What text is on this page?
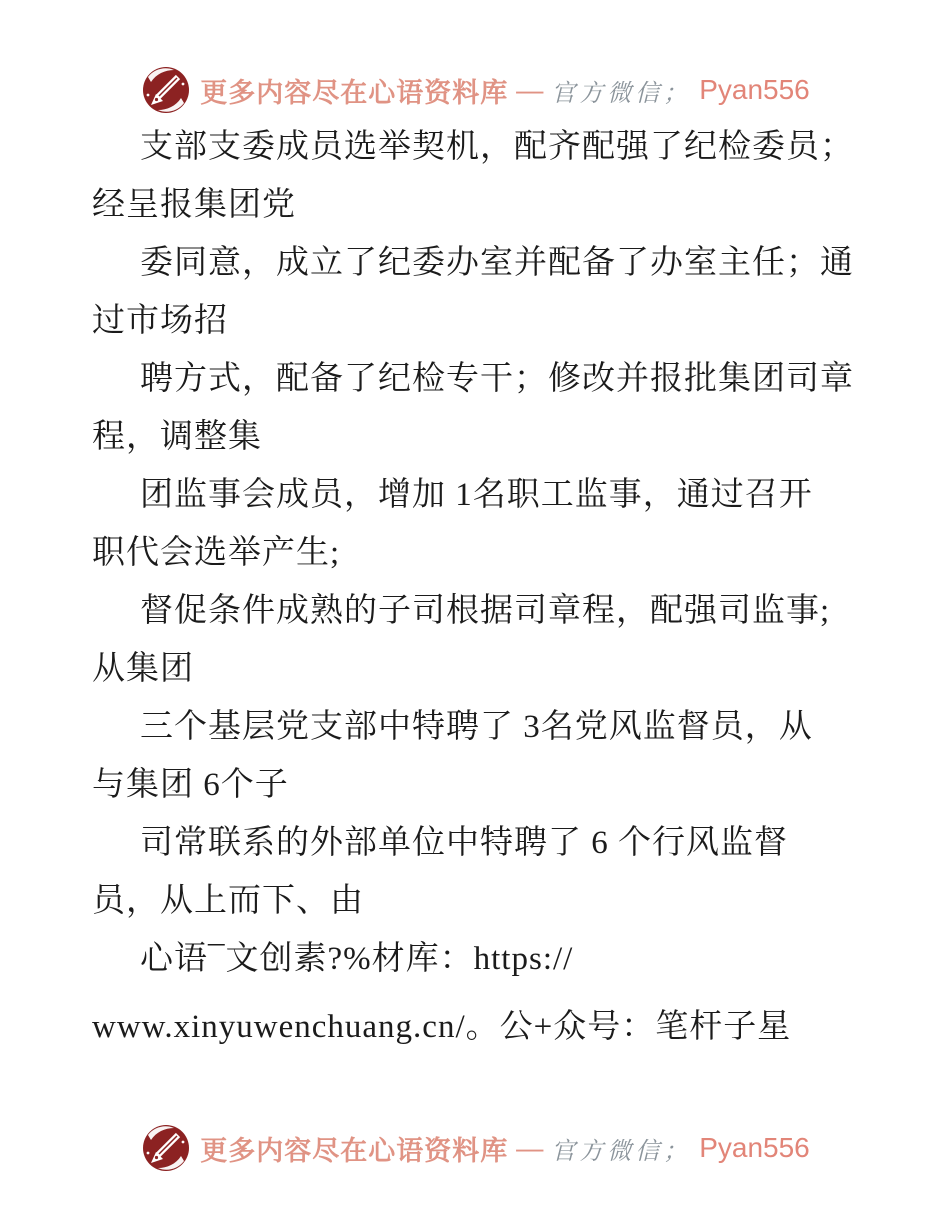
更多内容尽在心语资料库 — 官方微信； Pyan556
支部支委成员选举契机，配齐配强了纪检委员；
经呈报集团党
委同意，成立了纪委办室并配备了办室主任；通
过市场招
聘方式，配备了纪检专干；修改并报批集团司章
程，调整集
团监事会成员，增加 1名职工监事，通过召开
职代会选举产生;
督促条件成熟的子司根据司章程，配强司监事;
从集团
三个基层党支部中特聘了 3名党风监督员，从
与集团 6个子
司常联系的外部单位中特聘了 6 个行风监督
员，从上而下、由
心语¯文创素?%材库：https://
www.xinyuwenchuang.cn/。公+众号：笔杆子星
更多内容尽在心语资料库 — 官方微信； Pyan556
